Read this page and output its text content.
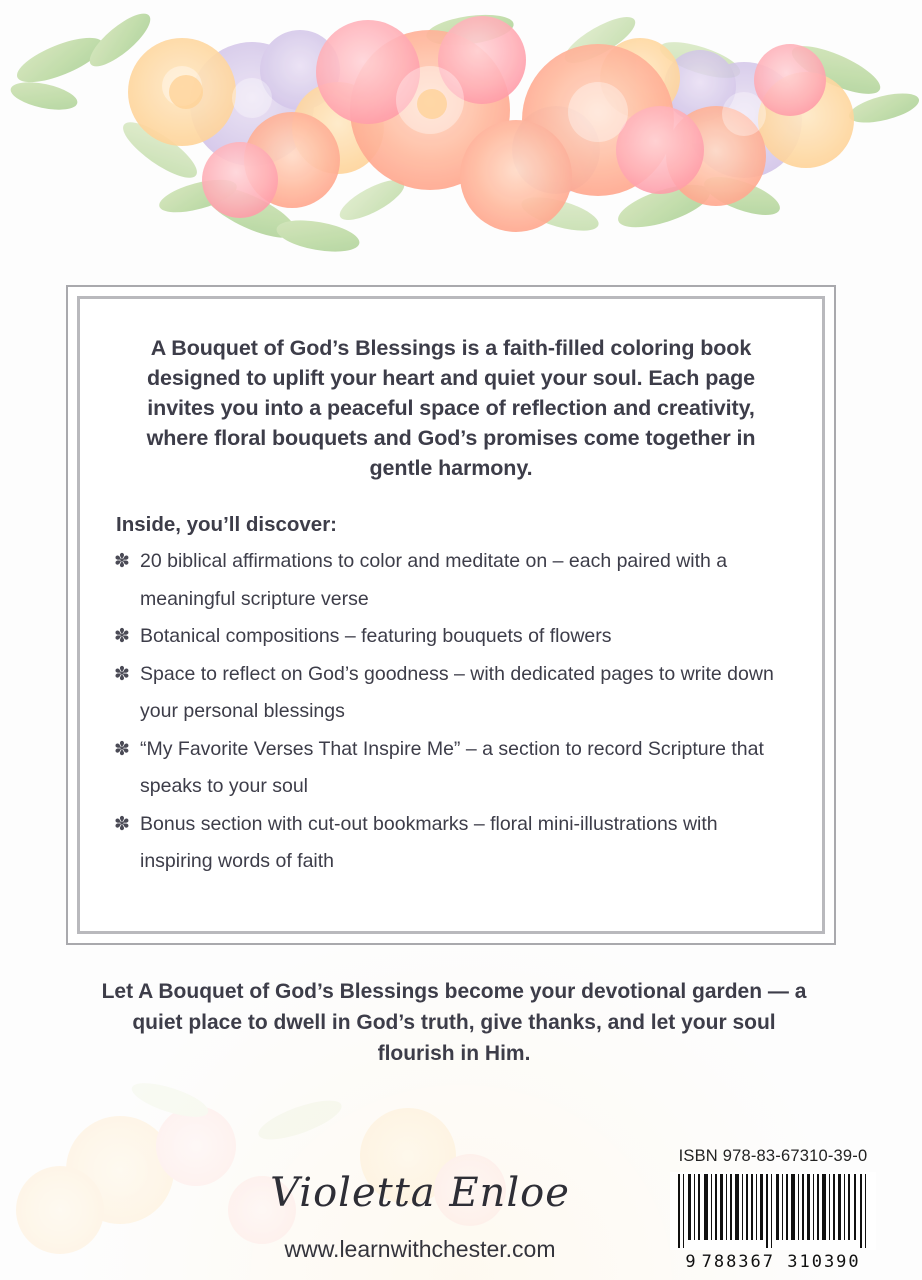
A Bouquet of God’s Blessings is a faith-filled coloring book designed to uplift your heart and quiet your soul. Each page invites you into a peaceful space of reflection and creativity, where floral bouquets and God’s promises come together in gentle harmony.

Inside, you’ll discover:
✽ 20 biblical affirmations to color and meditate on – each paired with a meaningful scripture verse
✽ Botanical compositions – featuring bouquets of flowers
✽ Space to reflect on God’s goodness – with dedicated pages to write down your personal blessings
✽ “My Favorite Verses That Inspire Me” – a section to record Scripture that speaks to your soul
✽ Bonus section with cut-out bookmarks – floral mini-illustrations with inspiring words of faith

Let A Bouquet of God’s Blessings become your devotional garden — a quiet place to dwell in God’s truth, give thanks, and let your soul flourish in Him.

Violetta Enloe
www.learnwithchester.com
ISBN 978-83-67310-39-0
9 788367 310390
